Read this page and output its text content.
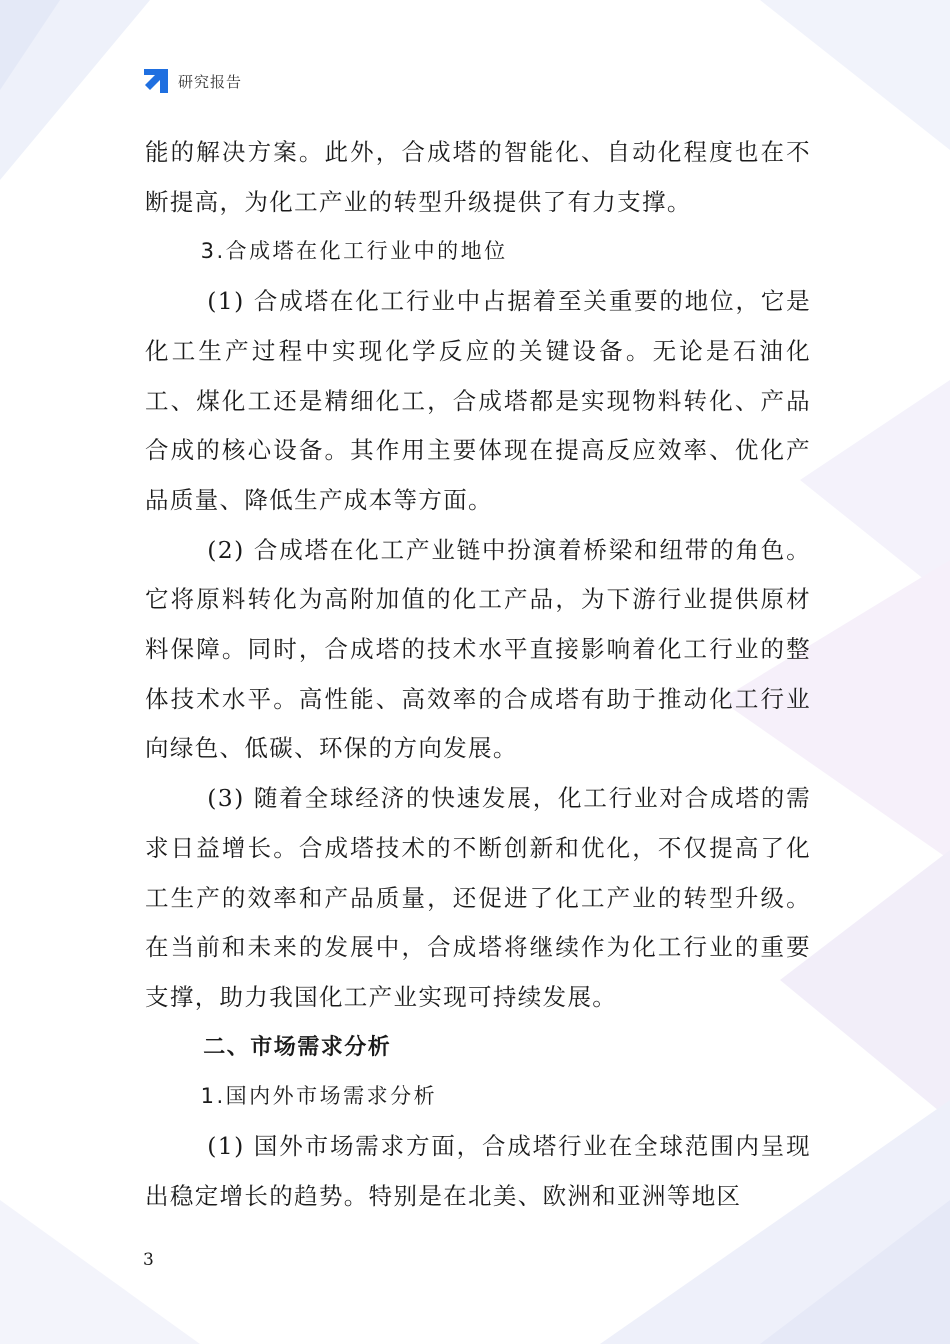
研究报告

能的解决方案。此外，合成塔的智能化、自动化程度也在不断提高，为化工产业的转型升级提供了有力支撑。

3.合成塔在化工行业中的地位

(1) 合成塔在化工行业中占据着至关重要的地位，它是化工生产过程中实现化学反应的关键设备。无论是石油化工、煤化工还是精细化工，合成塔都是实现物料转化、产品合成的核心设备。其作用主要体现在提高反应效率、优化产品质量、降低生产成本等方面。

(2) 合成塔在化工产业链中扮演着桥梁和纽带的角色。它将原料转化为高附加值的化工产品，为下游行业提供原材料保障。同时，合成塔的技术水平直接影响着化工行业的整体技术水平。高性能、高效率的合成塔有助于推动化工行业向绿色、低碳、环保的方向发展。

(3) 随着全球经济的快速发展，化工行业对合成塔的需求日益增长。合成塔技术的不断创新和优化，不仅提高了化工生产的效率和产品质量，还促进了化工产业的转型升级。在当前和未来的发展中，合成塔将继续作为化工行业的重要支撑，助力我国化工产业实现可持续发展。

二、市场需求分析

1.国内外市场需求分析

(1) 国外市场需求方面，合成塔行业在全球范围内呈现出稳定增长的趋势。特别是在北美、欧洲和亚洲等地区

3
